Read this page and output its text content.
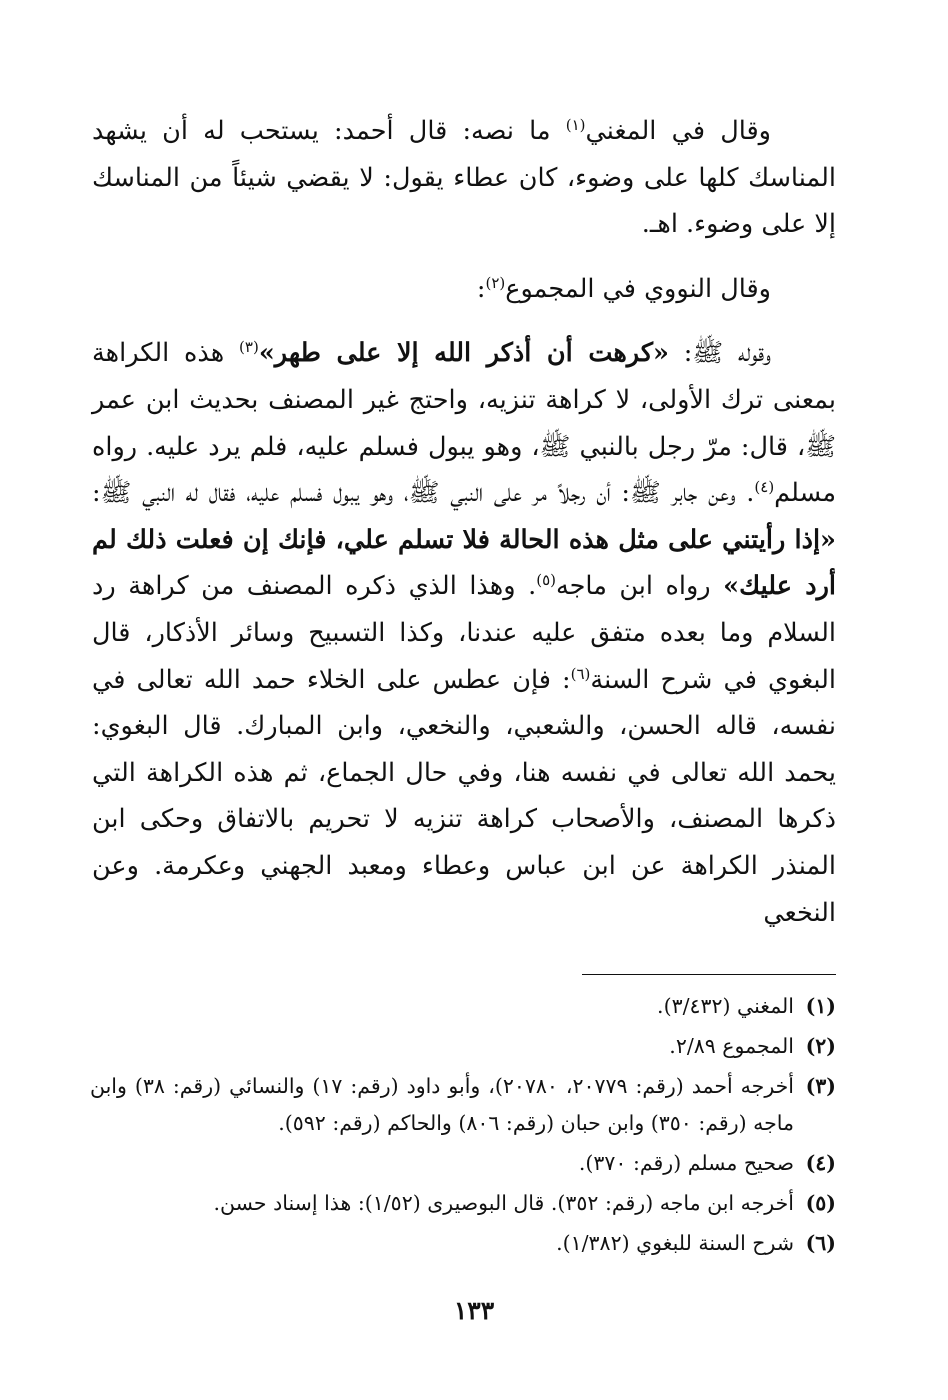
وقال في المغني$^{(١)}$ ما نصه: قال أحمد: يستحب له أن يشهد المناسك كلها على وضوء، كان عطاء يقول: لا يقضي شيئاً من المناسك إلا على وضوء. اهـ.

وقال النووي في المجموع$^{(٢)}$:

وقوله ﷺ: «كرهت أن أذكر الله إلا على طهر»$^{(٣)}$ هذه الكراهة بمعنى ترك الأولى، لا كراهة تنزيه، واحتج غير المصنف بحديث ابن عمر ﷺ، قال: مرّ رجل بالنبي ﷺ، وهو يبول فسلم عليه، فلم يرد عليه. رواه مسلم$^{(٤)}$. وعن جابر ﷺ: أن رجلاً مر على النبي ﷺ، وهو يبول فسلم عليه، فقال له النبي ﷺ: «إذا رأيتني على مثل هذه الحالة فلا تسلم علي، فإنك إن فعلت ذلك لم أرد عليك» رواه ابن ماجه$^{(٥)}$. وهذا الذي ذكره المصنف من كراهة رد السلام وما بعده متفق عليه عندنا، وكذا التسبيح وسائر الأذكار، قال البغوي في شرح السنة$^{(٦)}$: فإن عطس على الخلاء حمد الله تعالى في نفسه، قاله الحسن، والشعبي، والنخعي، وابن المبارك. قال البغوي: يحمد الله تعالى في نفسه هنا، وفي حال الجماع، ثم هذه الكراهة التي ذكرها المصنف، والأصحاب كراهة تنزيه لا تحريم بالاتفاق وحكى ابن المنذر الكراهة عن ابن عباس وعطاء ومعبد الجهني وعكرمة. وعن النخعي

(١)
المغني (٣/٤٣٢).
(٢)
المجموع ٢/٨٩.
(٣)
أخرجه أحمد (رقم: ٢٠٧٧٩، ٢٠٧٨٠)، وأبو داود (رقم: ١٧) والنسائي (رقم: ٣٨) وابن ماجه (رقم: ٣٥٠) وابن حبان (رقم: ٨٠٦) والحاكم (رقم: ٥٩٢).
(٤)
صحيح مسلم (رقم: ٣٧٠).
(٥)
أخرجه ابن ماجه (رقم: ٣٥٢). قال البوصيرى (١/٥٢): هذا إسناد حسن.
(٦)
شرح السنة للبغوي (١/٣٨٢).
١٣٣
